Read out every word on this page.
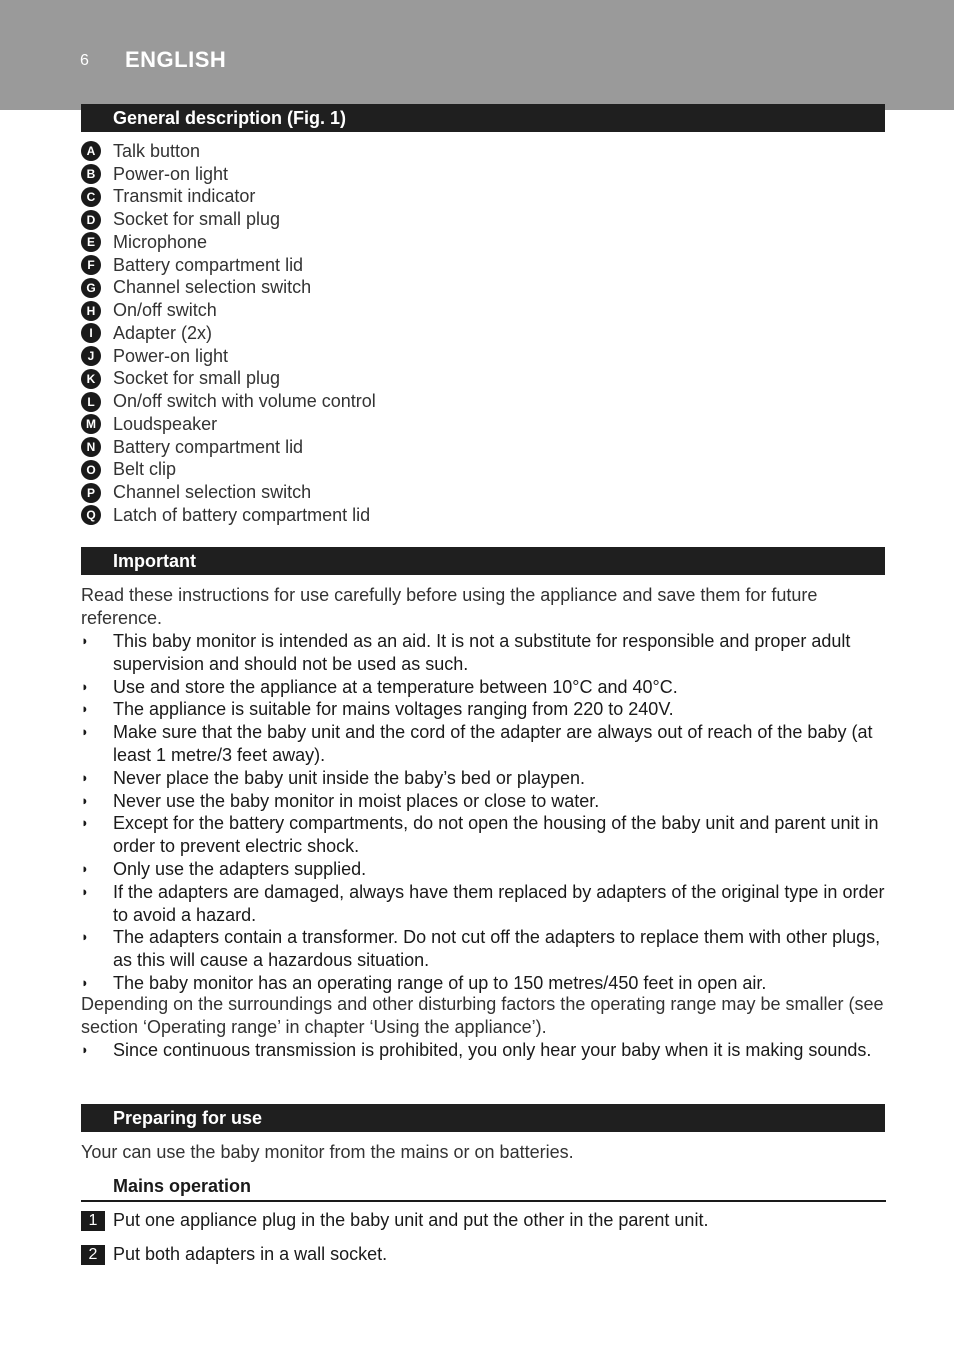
6 ENGLISH
General description (Fig. 1)
A Talk button
B Power-on light
C Transmit indicator
D Socket for small plug
E	Microphone
F	Battery compartment lid
G Channel selection switch
H On/off switch
I	Adapter (2x)
J	Power-on light
K Socket for small plug
L	On/off switch with volume control
M Loudspeaker
N Battery compartment lid
O Belt clip
P	Channel selection switch
Q Latch of battery compartment lid
Important
Read these instructions for use carefully before using the appliance and save them for future reference.
◗ This baby monitor is intended as an aid. It is not a substitute for responsible and proper adult supervision and should not be used as such.
◗ Use and store the appliance at a temperature between 10°C and 40°C.
◗ The appliance is suitable for mains voltages ranging from 220 to 240V.
◗ Make sure that the baby unit and the cord of the adapter are always out of reach of the baby (at least 1 metre/3 feet away).
◗ Never place the baby unit inside the baby’s bed or playpen.
◗ Never use the baby monitor in moist places or close to water.
◗ Except for the battery compartments, do not open the housing of the baby unit and parent unit in order to prevent electric shock.
◗ Only use the adapters supplied.
◗ If the adapters are damaged, always have them replaced by adapters of the original type in order to avoid a hazard.
◗ The adapters contain a transformer. Do not cut off the adapters to replace them with other plugs, as this will cause a hazardous situation.
◗ The baby monitor has an operating range of up to 150 metres/450 feet in open air.
Depending on the surroundings and other disturbing factors the operating range may be smaller (see section ‘Operating range’ in chapter ‘Using the appliance’).
◗ Since continuous transmission is prohibited, you only hear your baby when it is making sounds.
Preparing for use
Your can use the baby monitor from the mains or on batteries.
Mains operation
1 Put one appliance plug in the baby unit and put the other in the parent unit.
2 Put both adapters in a wall socket.
